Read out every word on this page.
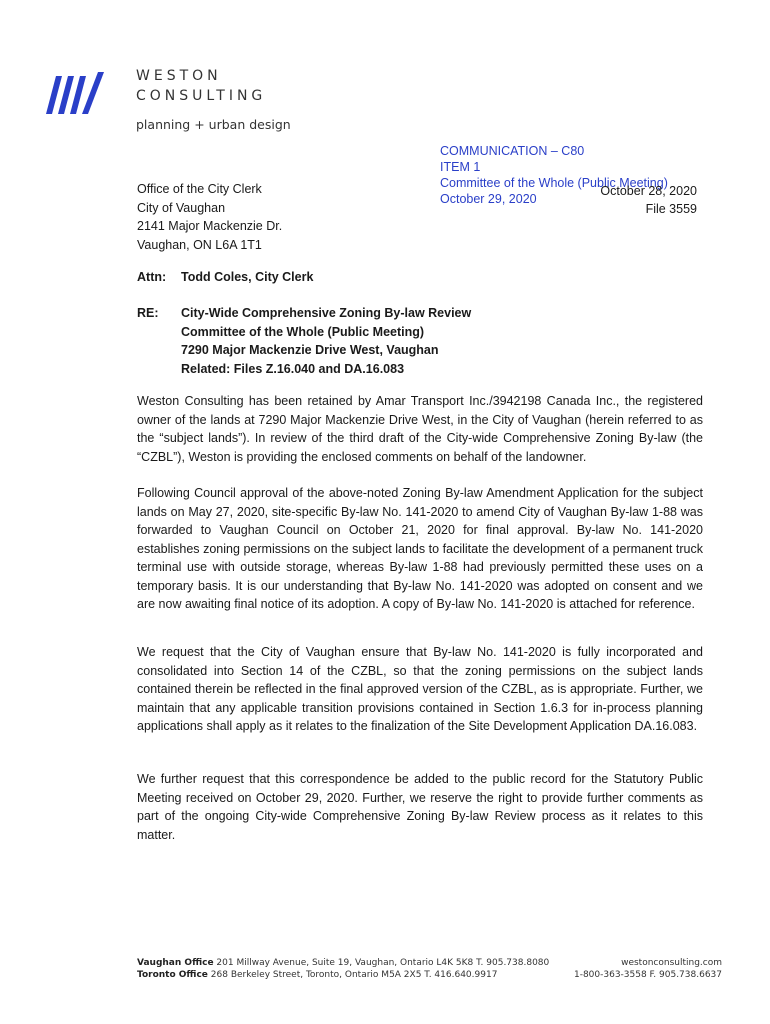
WESTON
CONSULTING
planning + urban design
COMMUNICATION – C80
ITEM 1
Committee of the Whole (Public Meeting)
October 29, 2020
October 28, 2020
File 3559
Office of the City Clerk
City of Vaughan
2141 Major Mackenzie Dr.
Vaughan, ON L6A 1T1
Attn: Todd Coles, City Clerk
RE: City-Wide Comprehensive Zoning By-law Review
Committee of the Whole (Public Meeting)
7290 Major Mackenzie Drive West, Vaughan
Related: Files Z.16.040 and DA.16.083
Weston Consulting has been retained by Amar Transport Inc./3942198 Canada Inc., the registered owner of the lands at 7290 Major Mackenzie Drive West, in the City of Vaughan (herein referred to as the “subject lands”). In review of the third draft of the City-wide Comprehensive Zoning By-law (the “CZBL”), Weston is providing the enclosed comments on behalf of the landowner.
Following Council approval of the above-noted Zoning By-law Amendment Application for the subject lands on May 27, 2020, site-specific By-law No. 141-2020 to amend City of Vaughan By-law 1-88 was forwarded to Vaughan Council on October 21, 2020 for final approval. By-law No. 141-2020 establishes zoning permissions on the subject lands to facilitate the development of a permanent truck terminal use with outside storage, whereas By-law 1-88 had previously permitted these uses on a temporary basis. It is our understanding that By-law No. 141-2020 was adopted on consent and we are now awaiting final notice of its adoption. A copy of By-law No. 141-2020 is attached for reference.
We request that the City of Vaughan ensure that By-law No. 141-2020 is fully incorporated and consolidated into Section 14 of the CZBL, so that the zoning permissions on the subject lands contained therein be reflected in the final approved version of the CZBL, as is appropriate. Further, we maintain that any applicable transition provisions contained in Section 1.6.3 for in-process planning applications shall apply as it relates to the finalization of the Site Development Application DA.16.083.
We further request that this correspondence be added to the public record for the Statutory Public Meeting received on October 29, 2020. Further, we reserve the right to provide further comments as part of the ongoing City-wide Comprehensive Zoning By-law Review process as it relates to this matter.
Vaughan Office 201 Millway Avenue, Suite 19, Vaughan, Ontario L4K 5K8 T. 905.738.8080
Toronto Office 268 Berkeley Street, Toronto, Ontario M5A 2X5 T. 416.640.9917
westonconsulting.com
1-800-363-3558 F. 905.738.6637
